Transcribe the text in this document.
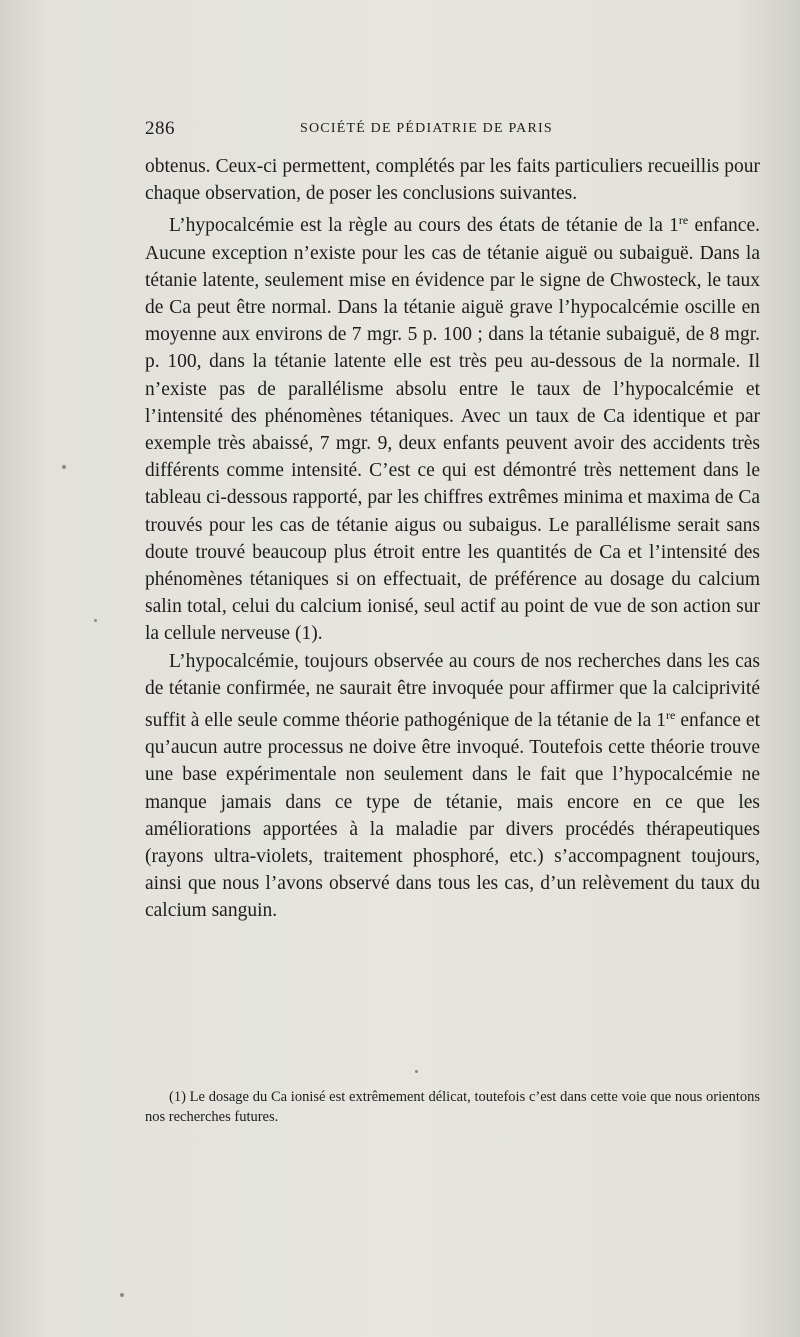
286	SOCIÉTÉ DE PÉDIATRIE DE PARIS

obtenus. Ceux-ci permettent, complétés par les faits particuliers recueillis pour chaque observation, de poser les conclusions suivantes.

L’hypocalcémie est la règle au cours des états de tétanie de la 1re enfance. Aucune exception n’existe pour les cas de tétanie aiguë ou subaiguë. Dans la tétanie latente, seulement mise en évidence par le signe de Chwosteck, le taux de Ca peut être normal. Dans la tétanie aiguë grave l’hypocalcémie oscille en moyenne aux environs de 7 mgr. 5 p. 100 ; dans la tétanie subaiguë, de 8 mgr. p. 100, dans la tétanie latente elle est très peu au-dessous de la normale. Il n’existe pas de parallélisme absolu entre le taux de l’hypocalcémie et l’intensité des phénomènes tétaniques. Avec un taux de Ca identique et par exemple très abaissé, 7 mgr. 9, deux enfants peuvent avoir des accidents très différents comme intensité. C’est ce qui est démontré très nettement dans le tableau ci-dessous rapporté, par les chiffres extrêmes minima et maxima de Ca trouvés pour les cas de tétanie aigus ou subaigus. Le parallélisme serait sans doute trouvé beaucoup plus étroit entre les quantités de Ca et l’intensité des phénomènes tétaniques si on effectuait, de préférence au dosage du calcium salin total, celui du calcium ionisé, seul actif au point de vue de son action sur la cellule nerveuse (1).

L’hypocalcémie, toujours observée au cours de nos recherches dans les cas de tétanie confirmée, ne saurait être invoquée pour affirmer que la calciprivité suffit à elle seule comme théorie pathogénique de la tétanie de la 1re enfance et qu’aucun autre processus ne doive être invoqué. Toutefois cette théorie trouve une base expérimentale non seulement dans le fait que l’hypocalcémie ne manque jamais dans ce type de tétanie, mais encore en ce que les améliorations apportées à la maladie par divers procédés thérapeutiques (rayons ultra-violets, traitement phosphoré, etc.) s’accompagnent toujours, ainsi que nous l’avons observé dans tous les cas, d’un relèvement du taux du calcium sanguin.

(1) Le dosage du Ca ionisé est extrêmement délicat, toutefois c’est dans cette voie que nous orientons nos recherches futures.
